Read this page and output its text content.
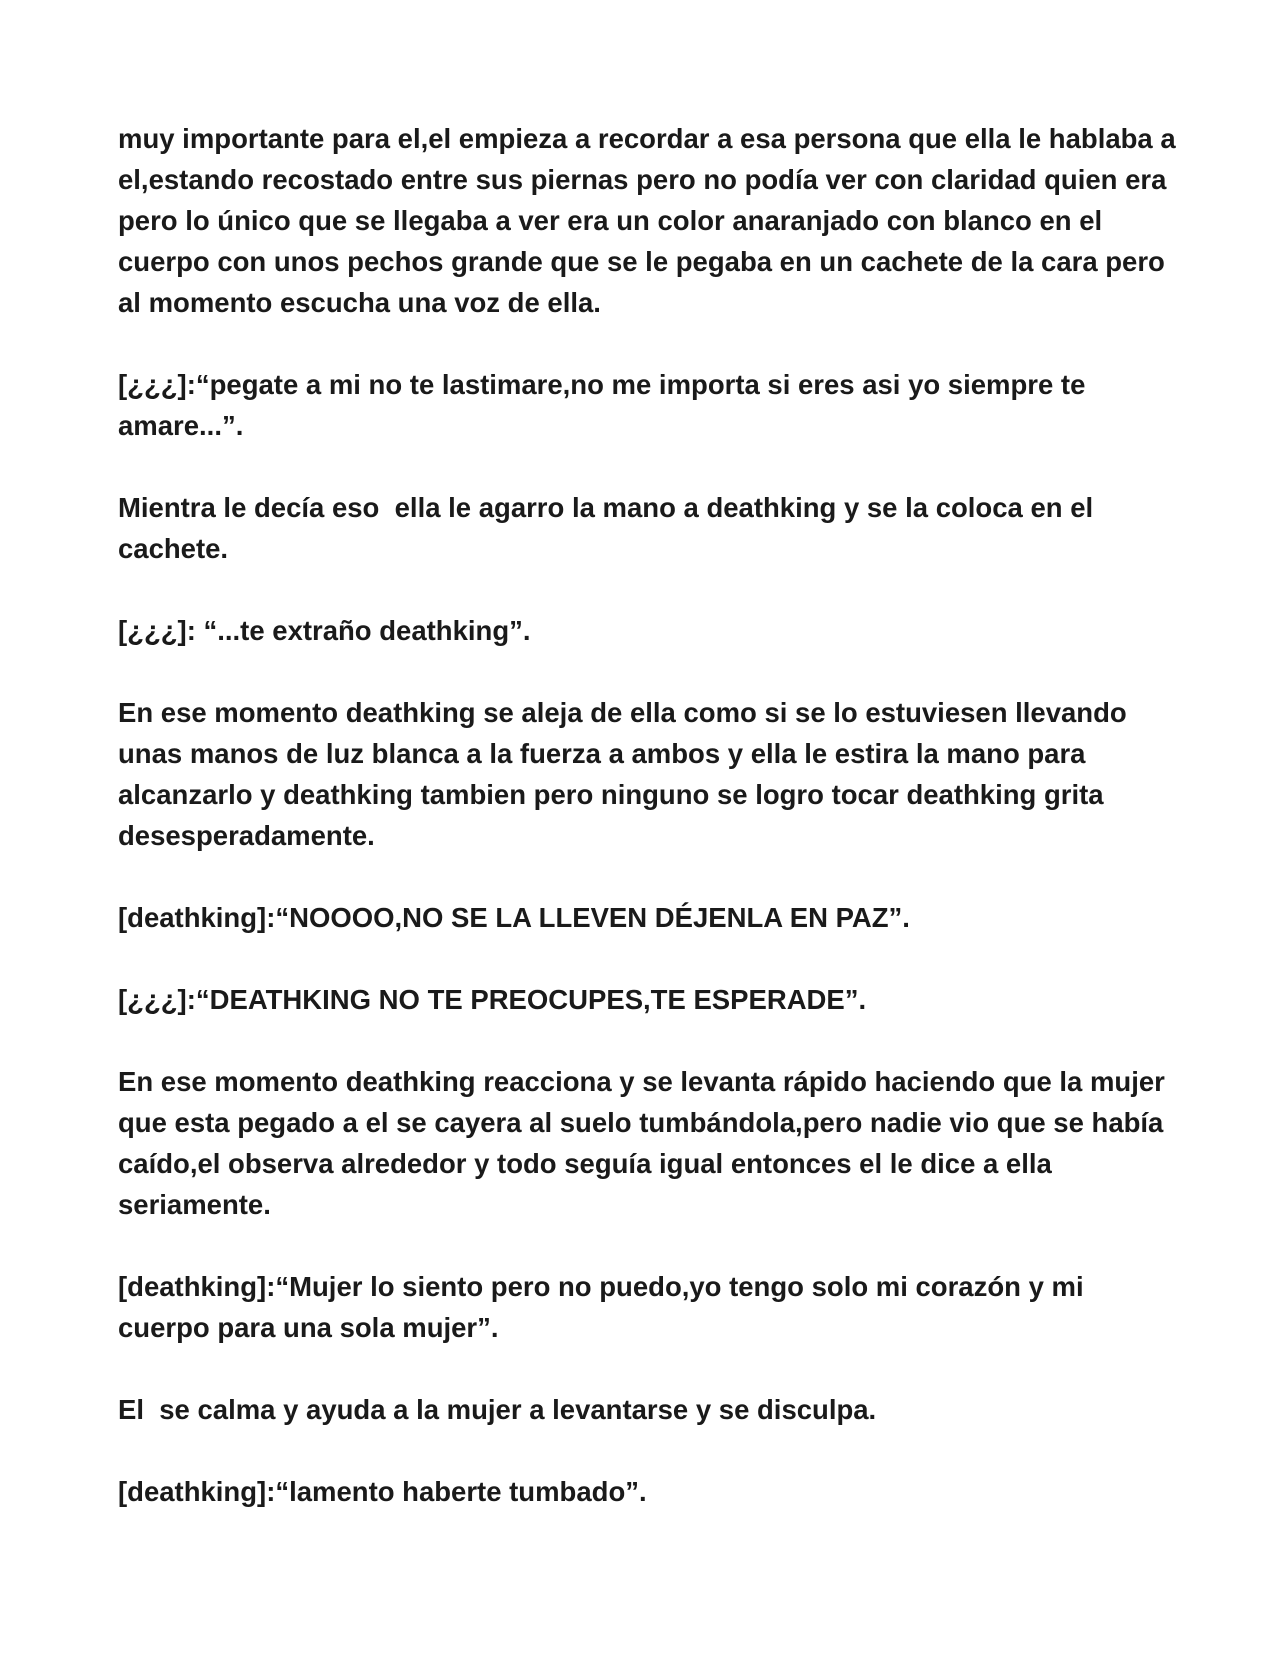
muy importante para el,el empieza a recordar a esa persona que ella le hablaba a el,estando recostado entre sus piernas pero no podía ver con claridad quien era pero lo único que se llegaba a ver era un color anaranjado con blanco en el cuerpo con unos pechos grande que se le pegaba en un cachete de la cara pero al momento escucha una voz de ella.

[¿¿¿]:“pegate a mi no te lastimare,no me importa si eres asi yo siempre te amare...”.

Mientra le decía eso  ella le agarro la mano a deathking y se la coloca en el cachete.

[¿¿¿]: “...te extraño deathking”.

En ese momento deathking se aleja de ella como si se lo estuviesen llevando unas manos de luz blanca a la fuerza a ambos y ella le estira la mano para alcanzarlo y deathking tambien pero ninguno se logro tocar deathking grita desesperadamente.

[deathking]:“NOOOO,NO SE LA LLEVEN DÉJENLA EN PAZ”.

[¿¿¿]:“DEATHKING NO TE PREOCUPES,TE ESPERADE”.

En ese momento deathking reacciona y se levanta rápido haciendo que la mujer que esta pegado a el se cayera al suelo tumbándola,pero nadie vio que se había caído,el observa alrededor y todo seguía igual entonces el le dice a ella seriamente.

[deathking]:“Mujer lo siento pero no puedo,yo tengo solo mi corazón y mi cuerpo para una sola mujer”.

El  se calma y ayuda a la mujer a levantarse y se disculpa.

[deathking]:“lamento haberte tumbado”.
